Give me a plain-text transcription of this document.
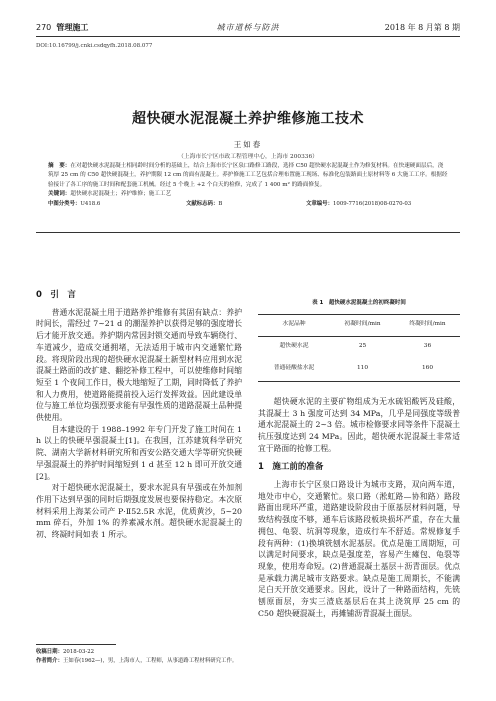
270 管理施工	城市道桥与防洪	2018 年 8 月第 8 期
DOI:10.16799/j.cnki.csdqyfh.2018.08.077
超快硬水泥混凝土养护维修施工技术
王如春
（上海市长宁区市政工程管理中心，上海市 200336）
摘　要：在对超快硬水泥混凝土相同龄时间分析的基础上，结合上海市长宁区泉口路修工路段，选择 C50 超快硬水泥混凝土作为修复材料。在快速硬面层后，浇筑厚 25 cm 的 C50 超快硬混凝土，养护期限 12 cm 的面有混凝土。养护修施工工艺包括合理布置施工现场、标准化包装路面土原材料等 6 大施工工序。根据经验接计了各工序的施工时间和配套施工机械。经过 5 个晚上 +2 个白天的检修，完成了 1 400 m² 的路面修复。
关键词：超快硬水泥混凝土；养护维修；施工工艺
中图分类号：U418.6	文献标志码：B	文章编号：1009-7716(2018)08-0270-03
0　引　言

普通水泥混凝土用于道路养护维修有其固有缺点：养护时间长，需经过 7~21 d 的潮湿养护以获得足够的强度增长后才能开放交通。养护期内常因封锁交通而导致车辆绕行、车道减少，造成交通拥堵，无法适用于城市内交通繁忙路段。将现阶段出现的超快硬水泥混凝土新型材料应用到水泥混凝土路面的改扩建、翻挖补修工程中，可以使维修时间缩短至 1 个夜间工作日，极大地缩短了工期，同时降低了养护和人力费用，使道路能提前投入运行发挥效益。因此建设单位与施工单位均强烈要求能有早强性质的道路混凝土品种提供使用。

目本建设的于 1988–1992 年专门开发了施工时间在 1 h 以上的快硬早强混凝土[1]。在我国，江苏建筑科学研究院、湖南大学新材料研究所和西安公路交通大学等研究快硬早强混凝土的养护时间缩短到 1 d 甚至 12 h 即可开放交通[2]。

对于超快硬水泥混凝土，要求水泥具有早强或在外加剂作用下达到早强的同时后期强度发展也要保持稳定。本次原材料采用上海某公司产 P·Ⅱ52.5R 水泥，优质黄沙，5~20 mm 碎石，外加 1% 的养素减水剂。超快硬水泥混凝土的初、终凝时间如表 1 所示。

表 1　超快硬水泥混凝土的初终凝时间
水泥品种	初凝时间/min	终凝时间/min
超快硬水泥	25	36
普通硅酸盐水泥	110	160

超快硬水泥的主要矿物组成为无水硫铝酸钙及硅酸，其混凝土 3 h 强度可达到 34 MPa，几乎是同强度等级普通水泥混凝土的 2~3 倍。城市检修要求同等条件下混凝土抗压强度达到 24 MPa。因此，超快硬水泥混凝土非常适宜于路面的抢修工程。

1　施工前的准备

上海市长宁区泉口路设计为城市支路，双向两车道，地处市中心，交通繁忙。泉口路（淞虹路—协和路）路段路面出现环严重，道路建设阶段由于原基层材料问题，导致结构强度不够，通车后该路段板块损坏严重，存在大量拥包、龟裂、坑洞等现象，造成行车不舒适。常规修复手段有两种：(1)换填铣刨水泥基层。优点是施工周期短，可以满足时间要求，缺点是强度差，容易产生瘫包、龟裂等现象，使用寿命短。(2)普通混凝土基层＋沥青面层。优点是承载力满足城市支路要求。缺点是施工周期长，不能满足白天开放交通要求。因此，设计了一种路面结构，先铣刨原面层，夯实三渣底基层后在其上浇筑厚 25 cm 的 C50 超快硬混凝土，再摊铺沥青混凝土面层。

收稿日期：2018-03-22
作者简介：王如春(1962—)，男，上海市人，工程师，从事道路工程材料研究工作。
